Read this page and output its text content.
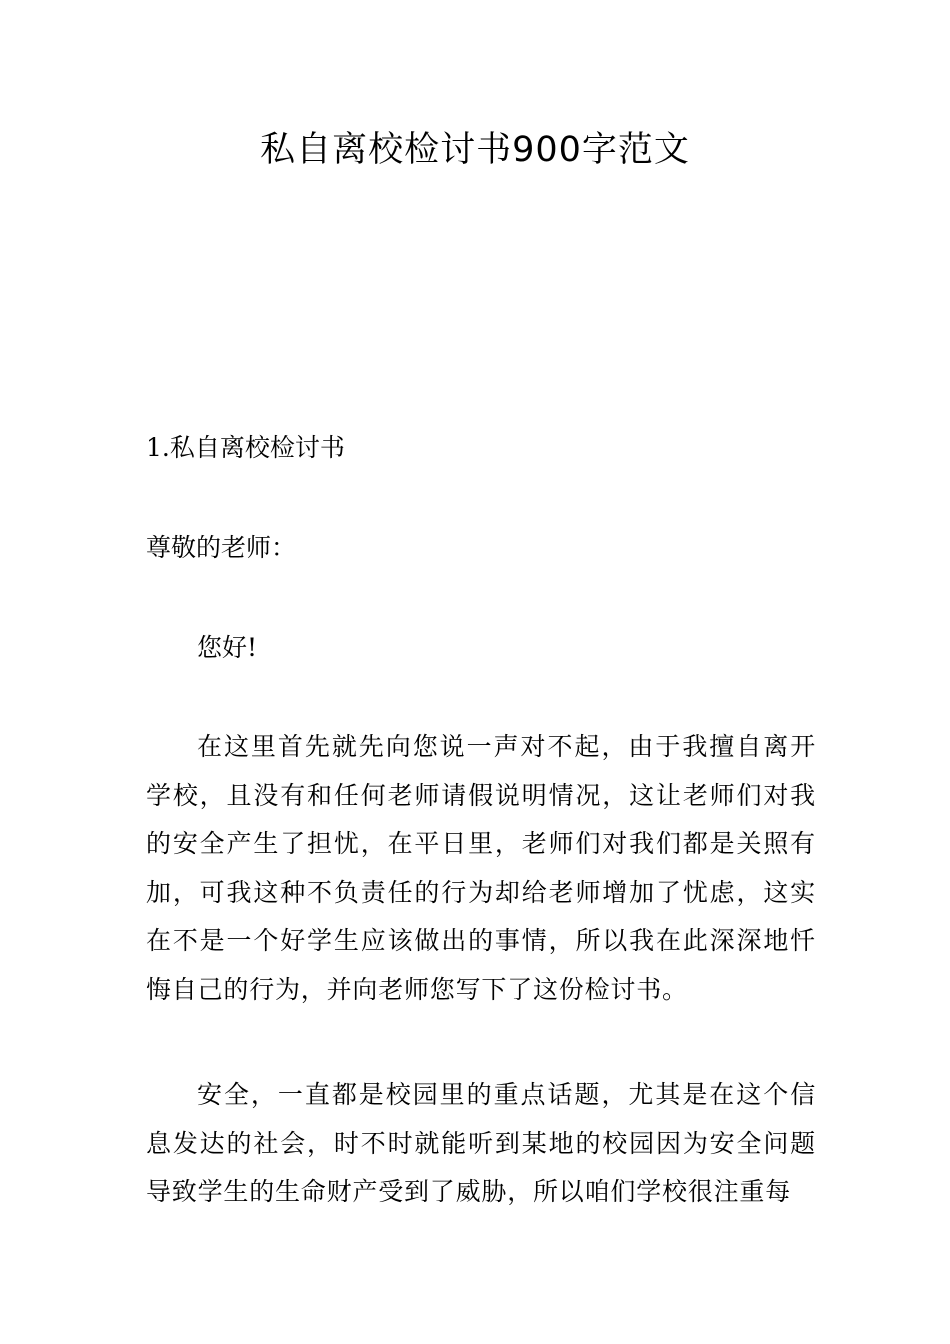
私自离校检讨书900字范文
1.私自离校检讨书
尊敬的老师：
您好!

在这里首先就先向您说一声对不起，由于我擅自离开学校，且没有和任何老师请假说明情况，这让老师们对我的安全产生了担忧，在平日里，老师们对我们都是关照有加，可我这种不负责任的行为却给老师增加了忧虑，这实在不是一个好学生应该做出的事情，所以我在此深深地忏悔自己的行为，并向老师您写下了这份检讨书。

安全，一直都是校园里的重点话题，尤其是在这个信息发达的社会，时不时就能听到某地的校园因为安全问题导致学生的生命财产受到了威胁，所以咱们学校很注重每
